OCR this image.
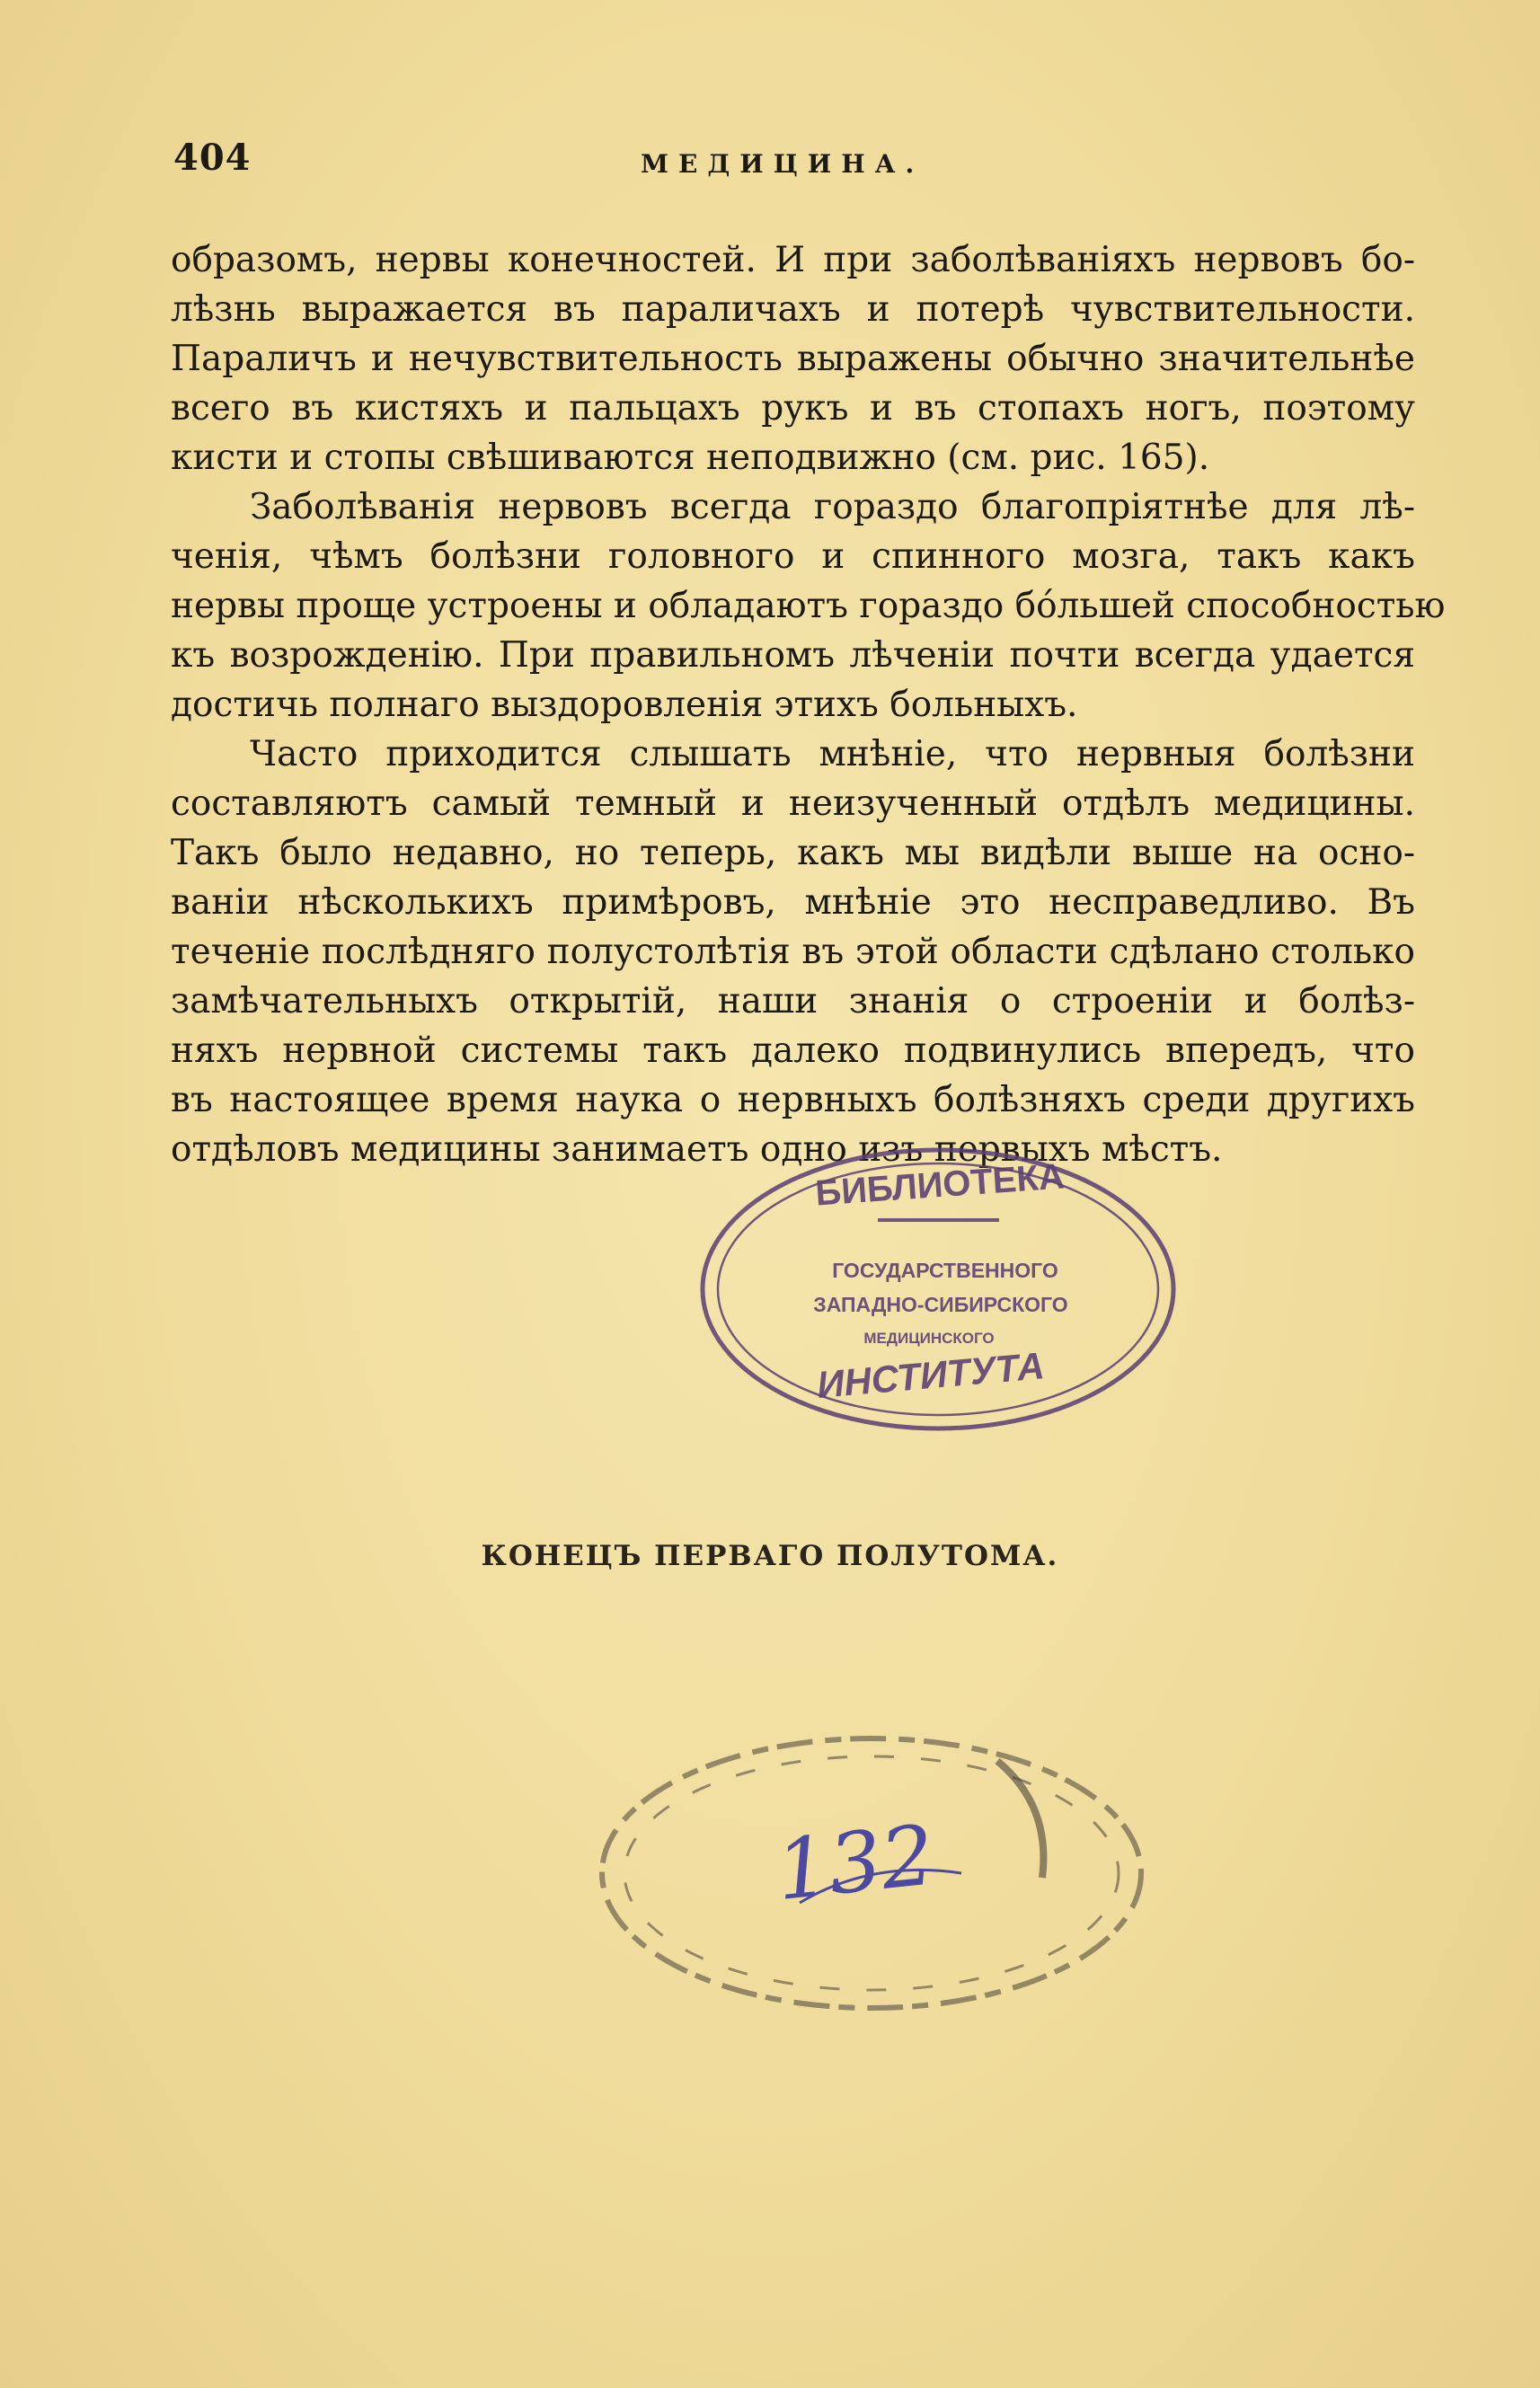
404	МЕДИЦИНА.
образомъ, нервы конечностей. И при заболѣваніяхъ нервовъ бо-
лѣзнь выражается въ параличахъ и потерѣ чувствительности.
Параличъ и нечувствительность выражены обычно значительнѣе
всего въ кистяхъ и пальцахъ рукъ и въ стопахъ ногъ, поэтому
кисти и стопы свѣшиваются неподвижно (см. рис. 165).
Заболѣванія нервовъ всегда гораздо благопріятнѣе для лѣ-
ченія, чѣмъ болѣзни головного и спинного мозга, такъ какъ
нервы проще устроены и обладаютъ гораздо бо́льшей способностью
къ возрожденію. При правильномъ лѣченіи почти всегда удается
достичь полнаго выздоровленія этихъ больныхъ.
Часто приходится слышать мнѣніе, что нервныя болѣзни
составляютъ самый темный и неизученный отдѣлъ медицины.
Такъ было недавно, но теперь, какъ мы видѣли выше на осно-
ваніи нѣсколькихъ примѣровъ, мнѣніе это несправедливо. Въ
теченіе послѣдняго полустолѣтія въ этой области сдѣлано столько
замѣчательныхъ открытій, наши знанія о строеніи и болѣз-
няхъ нервной системы такъ далеко подвинулись впередъ, что
въ настоящее время наука о нервныхъ болѣзняхъ среди другихъ
отдѣловъ медицины занимаетъ одно изъ первыхъ мѣстъ.
БИБЛИОТЕКА
ГОСУДАРСТВЕННОГО
ЗАПАДНО-СИБИРСКОГО
МЕДИЦИНСКОГО
ИНСТИТУТА
КОНЕЦЪ ПЕРВАГО ПОЛУТОМА.
132
